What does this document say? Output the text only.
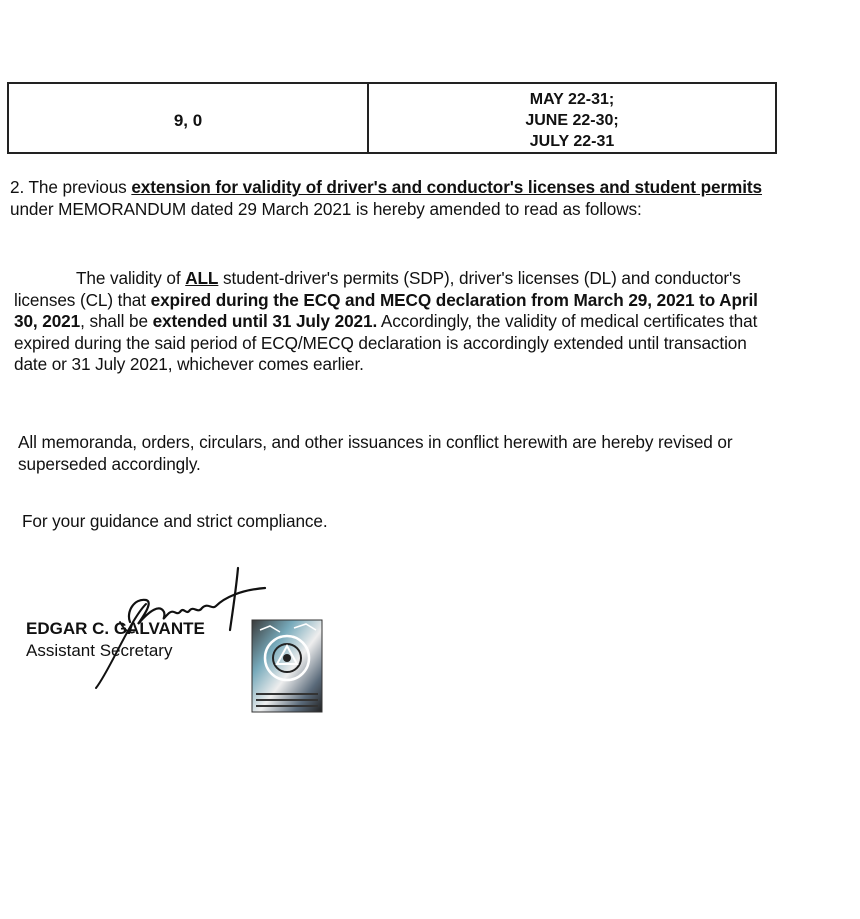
9, 0
MAY 22-31;
JUNE 22-30;
JULY 22-31
2. The previous extension for validity of driver's and conductor's licenses and student permits under MEMORANDUM dated 29 March 2021 is hereby amended to read as follows:
The validity of ALL student-driver's permits (SDP), driver's licenses (DL) and conductor's licenses (CL) that expired during the ECQ and MECQ declaration from March 29, 2021 to April 30, 2021, shall be extended until 31 July 2021. Accordingly, the validity of medical certificates that expired during the said period of ECQ/MECQ declaration is accordingly extended until transaction date or 31 July 2021, whichever comes earlier.
All memoranda, orders, circulars, and other issuances in conflict herewith are hereby revised or superseded accordingly.
For your guidance and strict compliance.
EDGAR C. GALVANTE
Assistant Secretary
